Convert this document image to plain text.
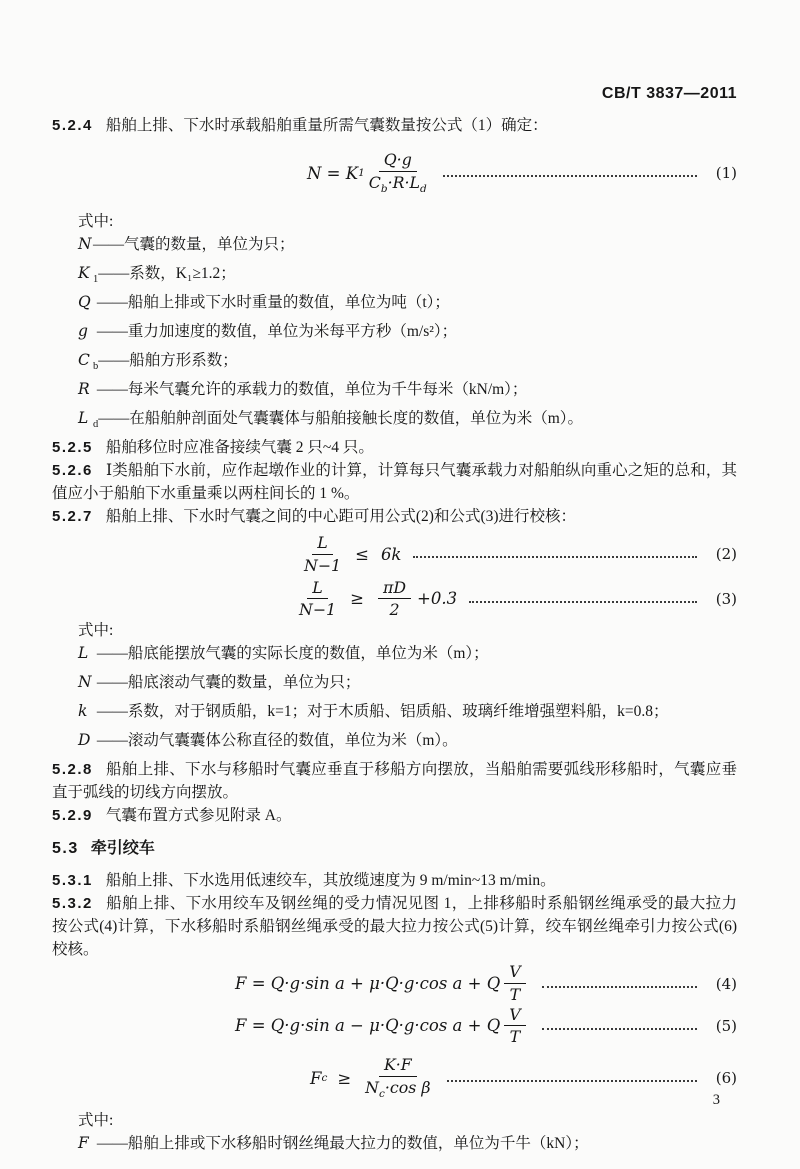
CB/T 3837—2011

5.2.4 船舶上排、下水时承载船舶重量所需气囊数量按公式（1）确定：

N = K $1 \frac{Q\cdot g}{C_b\cdot R\cdot L_d}$	(1)

式中:

N——气囊的数量，单位为只；

K $_1$——系数，K₁≥1.2；

Q ——船舶上排或下水时重量的数值，单位为吨（t）；

g ——重力加速度的数值，单位为米每平方秒（m/s²）；

C $_b$——船舶方形系数；

R ——每米气囊允许的承载力的数值，单位为千牛每米（kN/m）；

L $_d$——在船舶舯剖面处气囊囊体与船舶接触长度的数值，单位为米（m）。

5.2.5 船舶移位时应准备接续气囊 2 只~4 只。

5.2.6 Ⅰ类船舶下水前，应作起墩作业的计算，计算每只气囊承载力对船舶纵向重心之矩的总和，其值应小于船舶下水重量乘以两柱间长的 1 %。

5.2.7 船舶上排、下水时气囊之间的中心距可用公式(2)和公式(3)进行校核：

$\frac{L}{N-1} \le 6k$	(2)
$\frac{L}{N-1} \ge \frac{\pi D}{2} +0.3$	(3)

式中:

L ——船底能摆放气囊的实际长度的数值，单位为米（m）；

N ——船底滚动气囊的数量，单位为只；

k ——系数，对于钢质船，k=1；对于木质船、铝质船、玻璃纤维增强塑料船，k=0.8；

D ——滚动气囊囊体公称直径的数值，单位为米（m）。

5.2.8 船舶上排、下水与移船时气囊应垂直于移船方向摆放，当船舶需要弧线形移船时，气囊应垂直于弧线的切线方向摆放。

5.2.9 气囊布置方式参见附录 A。

5.3 牵引绞车

5.3.1 船舶上排、下水选用低速绞车，其放缆速度为 9 m/min~13 m/min。

5.3.2 船舶上排、下水用绞车及钢丝绳的受力情况见图 1，上排移船时系船钢丝绳承受的最大拉力按公式(4)计算，下水移船时系船钢丝绳承受的最大拉力按公式(5)计算，绞车钢丝绳牵引力按公式(6)校核。

F = Q·g·sin a + μ·Q·g·cos a + Q $\frac{V}{T}$	(4)
F = Q·g·sin a − μ·Q·g·cos a + Q $\frac{V}{T}$	(5)
F $c \ge \frac{K\cdot F}{N_c\cdot\cos \beta}$	(6)

式中:

F ——船舶上排或下水移船时钢丝绳最大拉力的数值，单位为千牛（kN）；

3
